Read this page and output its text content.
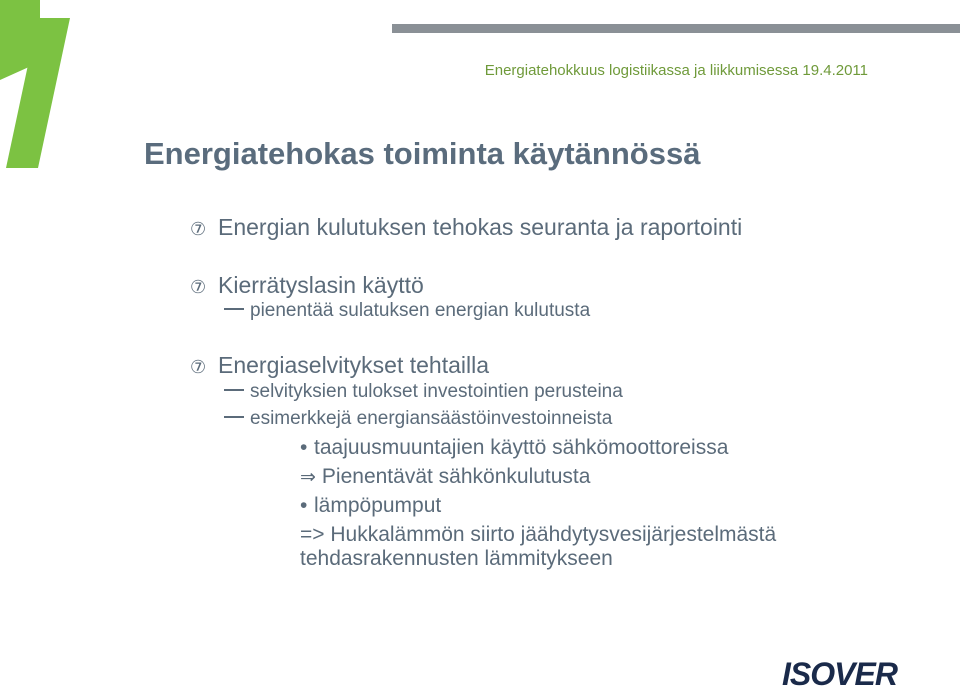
Energiatehokkuus logistiikassa ja liikkumisessa 19.4.2011
Energiatehokas toiminta käytännössä
⑦ Energian kulutuksen tehokas seuranta ja raportointi
⑦ Kierrätyslasin käyttö
pienentää sulatuksen energian kulutusta
⑦ Energiaselvitykset tehtailla
selvityksien tulokset investointien perusteina
esimerkkejä energiansäästöinvestoinneista
• taajuusmuuntajien käyttö sähkömoottoreissa
⇒ Pienentävät sähkönkulutusta
• lämpöpumput
=> Hukkalämmön siirto jäähdytysvesijärjestelmästä
tehdasrakennusten lämmitykseen
ISOVER
